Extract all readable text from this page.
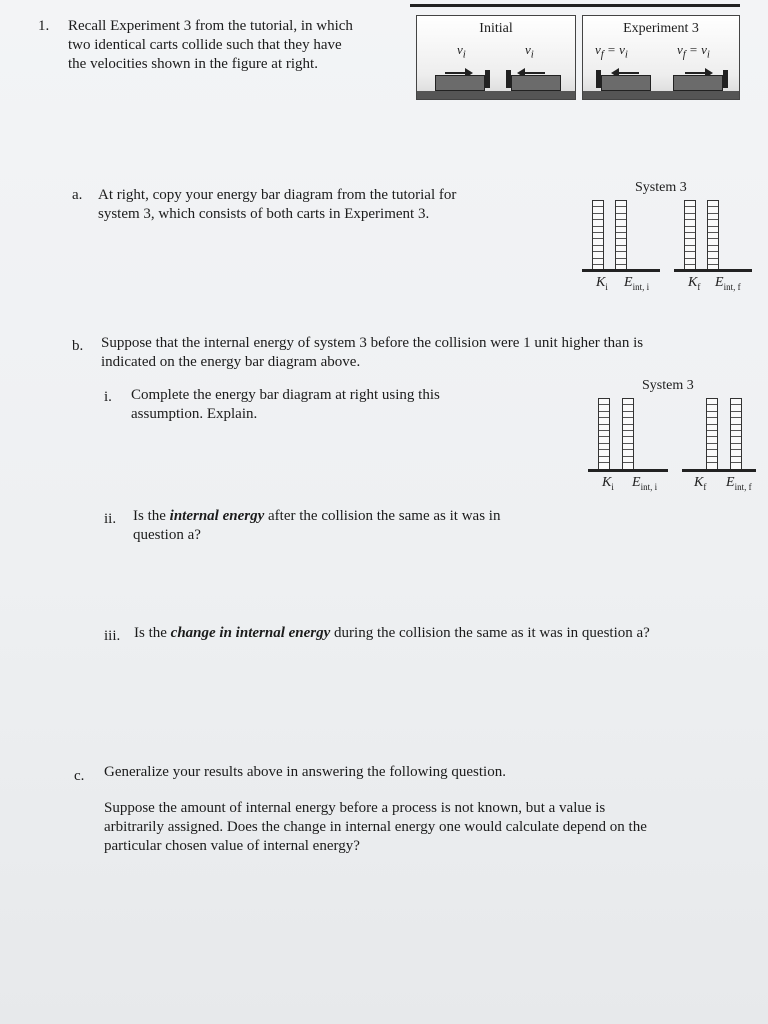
1. Recall Experiment 3 from the tutorial, in which
two identical carts collide such that they have
the velocities shown in the figure at right.
Initial
$v_i$	$v_i$
Experiment 3
$v_f = v_i$	$v_f = v_i$
a. At right, copy your energy bar diagram from the tutorial for
system 3, which consists of both carts in Experiment 3.
System 3
$K_i$ $E_{int, i}$	$K_f$ $E_{int, f}$
b. Suppose that the internal energy of system 3 before the collision were 1 unit higher than is
indicated on the energy bar diagram above.
i. Complete the energy bar diagram at right using this
assumption. Explain.
System 3
$K_i$ $E_{int, i}$	$K_f$ $E_{int, f}$
ii. Is the internal energy after the collision the same as it was in
question a?
iii. Is the change in internal energy during the collision the same as it was in question a?
c. Generalize your results above in answering the following question.
Suppose the amount of internal energy before a process is not known, but a value is
arbitrarily assigned. Does the change in internal energy one would calculate depend on the
particular chosen value of internal energy?
